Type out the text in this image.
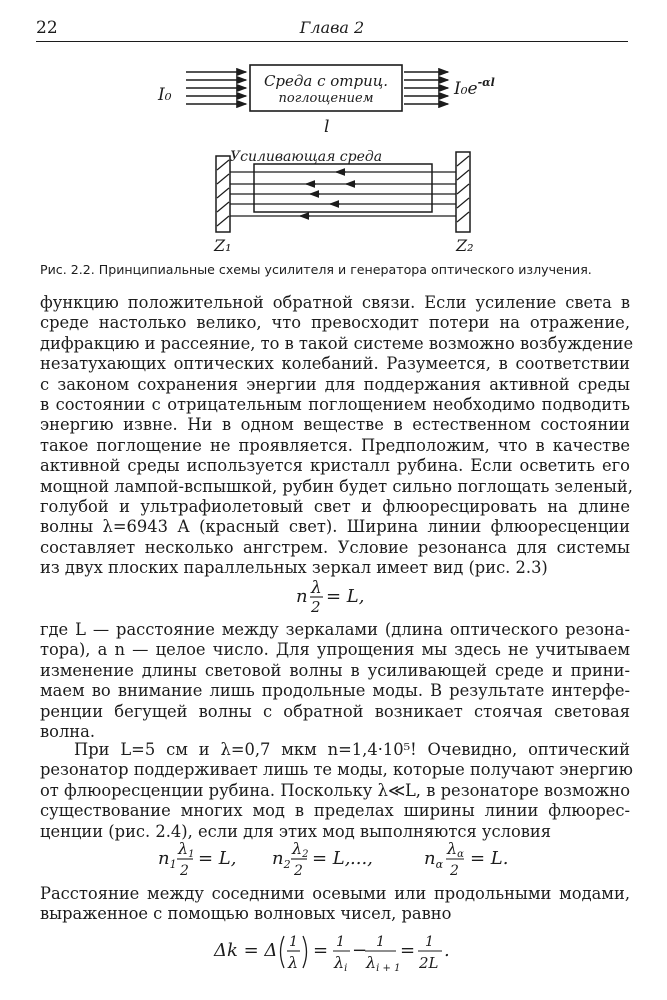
22	Глава 2
I₀
Среда с отриц.
поглощением	$I_0e^{-\alpha l}$
l
Усиливающая среда
Z₁	Z₂
Рис. 2.2. Принципиальные схемы усилителя и генератора оптического излучения.
функцию положительной обратной связи. Если усиление света в
среде настолько велико, что превосходит потери на отражение,
дифракцию и рассеяние, то в такой системе возможно возбуждение
незатухающих оптических колебаний. Разумеется, в соответствии
с законом сохранения энергии для поддержания активной среды
в состоянии с отрицательным поглощением необходимо подводить
энергию извне. Ни в одном веществе в естественном состоянии
такое поглощение не проявляется. Предположим, что в качестве
активной среды используется кристалл рубина. Если осветить его
мощной лампой-вспышкой, рубин будет сильно поглощать зеленый,
голубой и ультрафиолетовый свет и флюоресцировать на длине
волны λ=6943 А (красный свет). Ширина линии флюоресценции
составляет несколько ангстрем. Условие резонанса для системы
из двух плоских параллельных зеркал имеет вид (рис. 2.3)
n λ
2 = L,
где L — расстояние между зеркалами (длина оптического резона-
тора), а n — целое число. Для упрощения мы здесь не учитываем
изменение длины световой волны в усиливающей среде и прини-
маем во внимание лишь продольные моды. В результате интерфе-
ренции бегущей волны с обратной возникает стоячая световая
волна.
При L=5 см и λ=0,7 мкм n=1,4·10⁵! Очевидно, оптический
резонатор поддерживает лишь те моды, которые получают энергию
от флюоресценции рубина. Поскольку λ≪L, в резонаторе возможно
существование многих мод в пределах ширины линии флюорес-
ценции (рис. 2.4), если для этих мод выполняются условия
$n_1$
λ1
2
= L, $n_2$
λ2
2
= L, ...,	$n_\alpha$
λα
2
= L.
Расстояние между соседними осевыми или продольными модами,
выраженное с помощью волновых чисел, равно
Δk = Δ 1
λ
= 1
λi
− 1
λi + 1
= 1
2L
.
